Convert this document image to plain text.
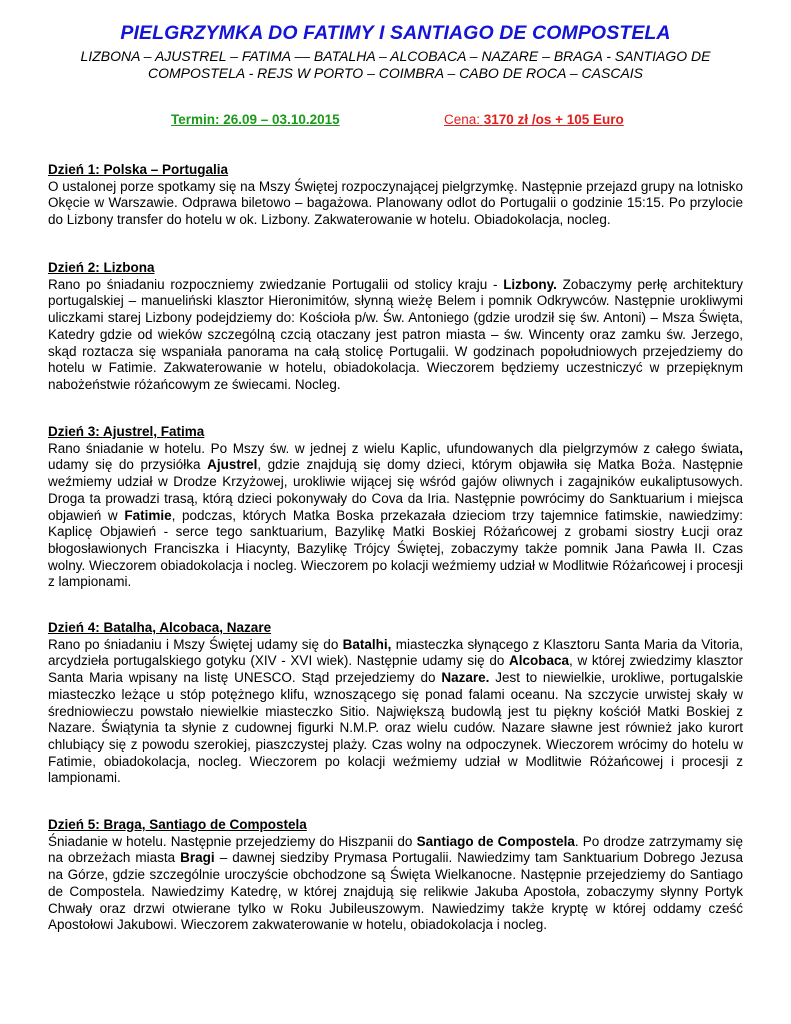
PIELGRZYMKA DO FATIMY I SANTIAGO DE COMPOSTELA
LIZBONA – AJUSTREL – FATIMA –– BATALHA – ALCOBACA – NAZARE – BRAGA - SANTIAGO DE
COMPOSTELA - REJS W PORTO – COIMBRA – CABO DE ROCA – CASCAIS
Termin: 26.09 – 03.10.2015	Cena: 3170 zł /os + 105 Euro
Dzień 1: Polska – Portugalia

O ustalonej porze spotkamy się na Mszy Świętej rozpoczynającej pielgrzymkę. Następnie przejazd grupy na lotnisko Okęcie w Warszawie. Odprawa biletowo – bagażowa. Planowany odlot do Portugalii o godzinie 15:15. Po przylocie do Lizbony transfer do hotelu w ok. Lizbony. Zakwaterowanie w hotelu. Obiadokolacja, nocleg.

Dzień 2: Lizbona

Rano po śniadaniu rozpoczniemy zwiedzanie Portugalii od stolicy kraju - Lizbony. Zobaczymy perłę architektury portugalskiej – manueliński klasztor Hieronimitów, słynną wieżę Belem i pomnik Odkrywców. Następnie urokliwymi uliczkami starej Lizbony podejdziemy do: Kościoła p/w. Św. Antoniego (gdzie urodził się św. Antoni) – Msza Święta, Katedry gdzie od wieków szczególną czcią otaczany jest patron miasta – św. Wincenty oraz zamku św. Jerzego, skąd roztacza się wspaniała panorama na całą stolicę Portugalii. W godzinach popołudniowych przejedziemy do hotelu w Fatimie. Zakwaterowanie w hotelu, obiadokolacja. Wieczorem będziemy uczestniczyć w przepięknym nabożeństwie różańcowym ze świecami. Nocleg.

Dzień 3: Ajustrel, Fatima

Rano śniadanie w hotelu. Po Mszy św. w jednej z wielu Kaplic, ufundowanych dla pielgrzymów z całego świata, udamy się do przysiółka Ajustrel, gdzie znajdują się domy dzieci, którym objawiła się Matka Boża. Następnie weźmiemy udział w Drodze Krzyżowej, urokliwie wijącej się wśród gajów oliwnych i zagajników eukaliptusowych. Droga ta prowadzi trasą, którą dzieci pokonywały do Cova da Iria. Następnie powrócimy do Sanktuarium i miejsca objawień w Fatimie, podczas, których Matka Boska przekazała dzieciom trzy tajemnice fatimskie, nawiedzimy: Kaplicę Objawień - serce tego sanktuarium, Bazylikę Matki Boskiej Różańcowej z grobami siostry Łucji oraz błogosławionych Franciszka i Hiacynty, Bazylikę Trójcy Świętej, zobaczymy także pomnik Jana Pawła II. Czas wolny. Wieczorem obiadokolacja i nocleg. Wieczorem po kolacji weźmiemy udział w Modlitwie Różańcowej i procesji z lampionami.

Dzień 4: Batalha, Alcobaca, Nazare

Rano po śniadaniu i Mszy Świętej udamy się do Batalhi, miasteczka słynącego z Klasztoru Santa Maria da Vitoria, arcydzieła portugalskiego gotyku (XIV - XVI wiek). Następnie udamy się do Alcobaca, w której zwiedzimy klasztor Santa Maria wpisany na listę UNESCO. Stąd przejedziemy do Nazare. Jest to niewielkie, urokliwe, portugalskie miasteczko leżące u stóp potężnego klifu, wznoszącego się ponad falami oceanu. Na szczycie urwistej skały w średniowieczu powstało niewielkie miasteczko Sitio. Największą budowlą jest tu piękny kościół Matki Boskiej z Nazare. Świątynia ta słynie z cudownej figurki N.M.P. oraz wielu cudów. Nazare sławne jest również jako kurort chlubiący się z powodu szerokiej, piaszczystej plaży. Czas wolny na odpoczynek. Wieczorem wrócimy do hotelu w Fatimie, obiadokolacja, nocleg. Wieczorem po kolacji weźmiemy udział w Modlitwie Różańcowej i procesji z lampionami.

Dzień 5: Braga, Santiago de Compostela

Śniadanie w hotelu. Następnie przejedziemy do Hiszpanii do Santiago de Compostela. Po drodze zatrzymamy się na obrzeżach miasta Bragi – dawnej siedziby Prymasa Portugalii. Nawiedzimy tam Sanktuarium Dobrego Jezusa na Górze, gdzie szczególnie uroczyście obchodzone są Święta Wielkanocne. Następnie przejedziemy do Santiago de Compostela. Nawiedzimy Katedrę, w której znajdują się relikwie Jakuba Apostoła, zobaczymy słynny Portyk Chwały oraz drzwi otwierane tylko w Roku Jubileuszowym. Nawiedzimy także kryptę w której oddamy cześć Apostołowi Jakubowi. Wieczorem zakwaterowanie w hotelu, obiadokolacja i nocleg.
